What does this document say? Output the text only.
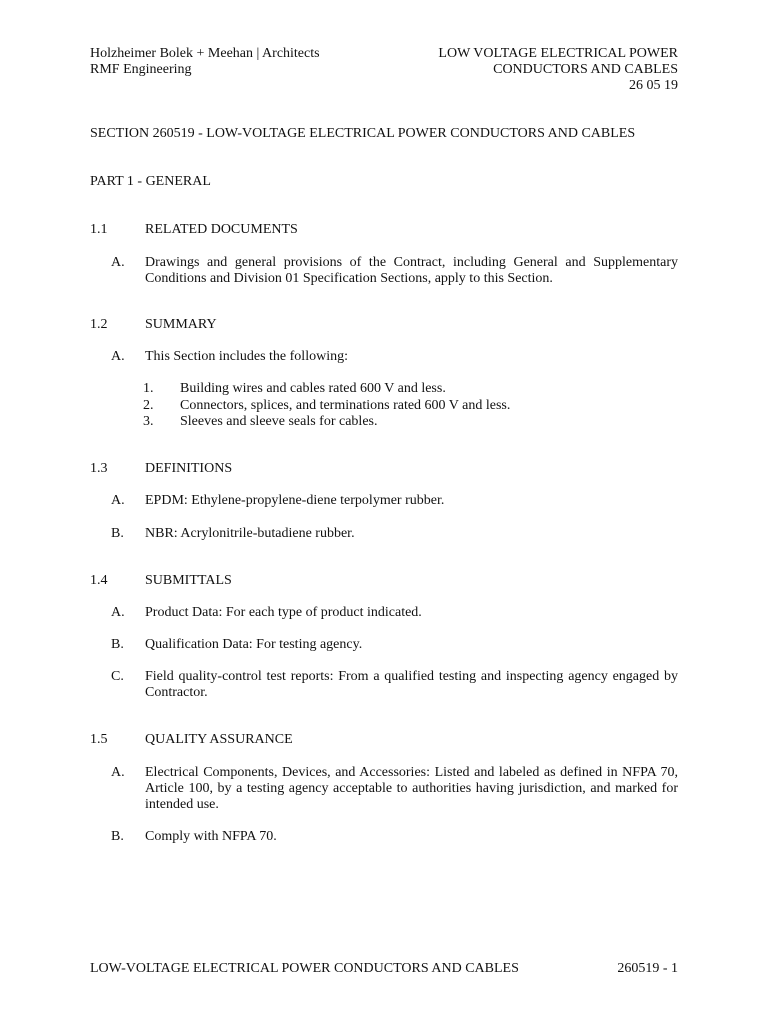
Holzheimer Bolek + Meehan | Architects
RMF Engineering
LOW VOLTAGE ELECTRICAL POWER
CONDUCTORS AND CABLES
26 05 19
SECTION 260519 - LOW-VOLTAGE ELECTRICAL POWER CONDUCTORS AND CABLES
PART 1 - GENERAL
1.1	RELATED DOCUMENTS
A. Drawings and general provisions of the Contract, including General and Supplementary
Conditions and Division 01 Specification Sections, apply to this Section.
1.2	SUMMARY
A. This Section includes the following:
1. Building wires and cables rated 600 V and less.
2. Connectors, splices, and terminations rated 600 V and less.
3. Sleeves and sleeve seals for cables.
1.3	DEFINITIONS
A. EPDM: Ethylene-propylene-diene terpolymer rubber.
B. NBR: Acrylonitrile-butadiene rubber.
1.4	SUBMITTALS
A. Product Data: For each type of product indicated.
B. Qualification Data: For testing agency.
C. Field quality-control test reports: From a qualified testing and inspecting agency engaged by
Contractor.
1.5	QUALITY ASSURANCE
A. Electrical Components, Devices, and Accessories: Listed and labeled as defined in NFPA 70,
Article 100, by a testing agency acceptable to authorities having jurisdiction, and marked for
intended use.
B. Comply with NFPA 70.
LOW-VOLTAGE ELECTRICAL POWER CONDUCTORS AND CABLES	260519 - 1
